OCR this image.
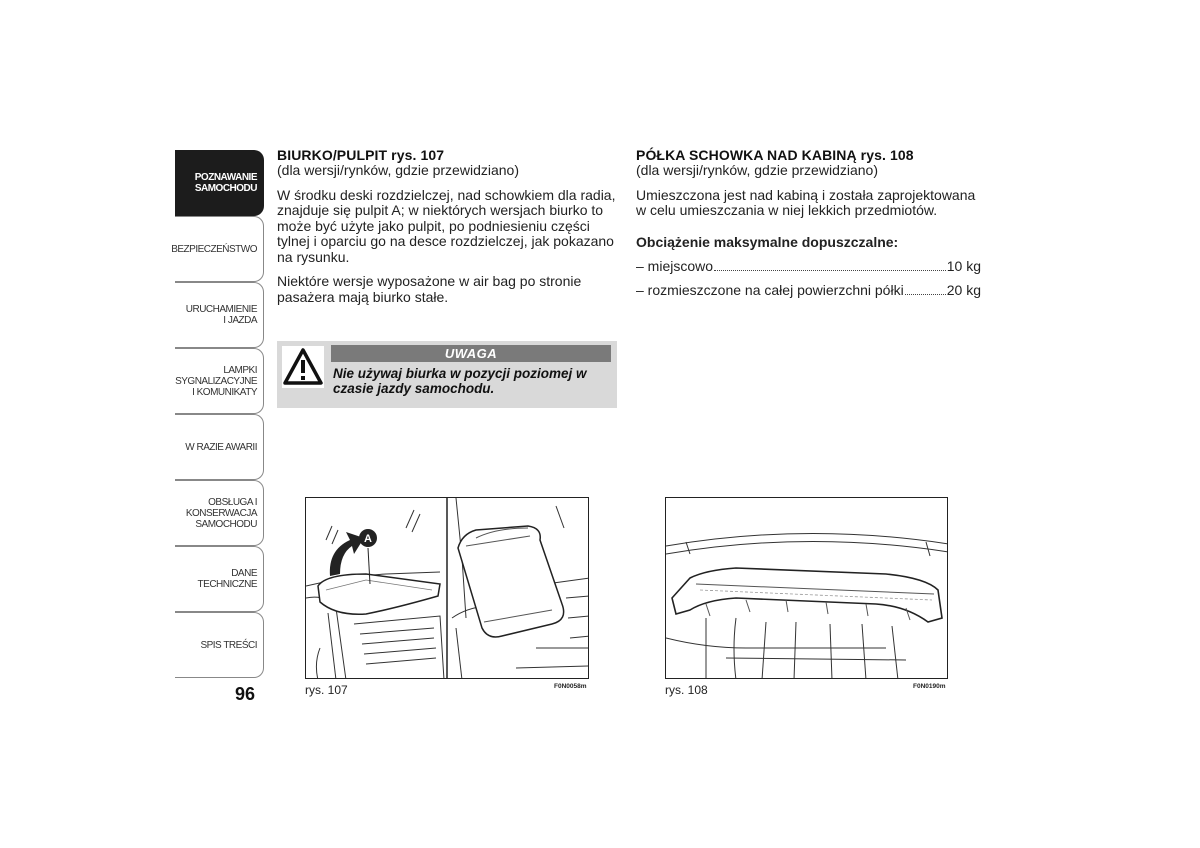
POZNAWANIE
SAMOCHODU
BEZPIECZEŃSTWO
URUCHAMIENIE
I JAZDA
LAMPKI
SYGNALIZACYJNE
I KOMUNIKATY
W RAZIE AWARII
OBSŁUGA I
KONSERWACJA
SAMOCHODU
DANE TECHNICZNE
SPIS TREŚCI
96
BIURKO/PULPIT rys. 107
(dla wersji/rynków, gdzie przewidziano)

W środku deski rozdzielczej, nad schowkiem dla radia, znajduje się pulpit A; w niektórych wersjach biurko to może być użyte jako pulpit, po podniesieniu części tylnej i oparciu go na desce rozdzielczej, jak pokazano na rysunku.

Niektóre wersje wyposażone w air bag po stronie pasażera mają biurko stałe.

UWAGA
Nie używaj biurka w pozycji poziomej w czasie jazdy samochodu.
PÓŁKA SCHOWKA NAD KABINĄ rys. 108
(dla wersji/rynków, gdzie przewidziano)

Umieszczona jest nad kabiną i została zaprojektowana w celu umieszczania w niej lekkich przedmiotów.

Obciążenie maksymalne dopuszczalne:
– miejscowo	10 kg
– rozmieszczone na całej powierzchni półki	20 kg
A
rys. 107	F0N0058m	rys. 108	F0N0190m
